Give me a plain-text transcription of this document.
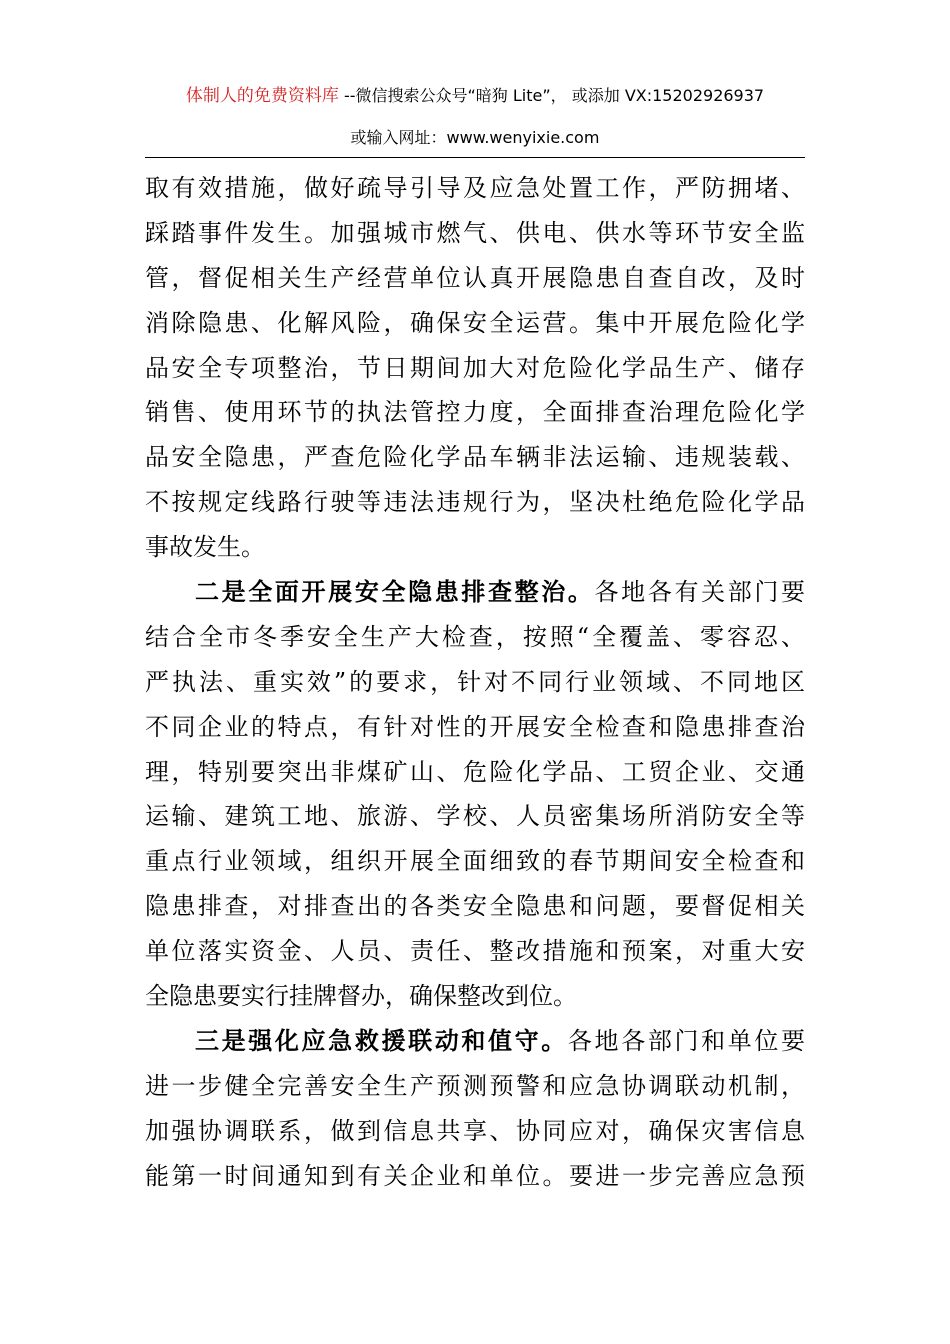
体制人的免费资料库 --微信搜索公众号“暗狗 Lite”， 或添加 VX:15202926937
或输入网址：www.wenyixie.com
取有效措施，做好疏导引导及应急处置工作，严防拥堵、
踩踏事件发生。加强城市燃气、供电、供水等环节安全监
管，督促相关生产经营单位认真开展隐患自查自改，及时
消除隐患、化解风险，确保安全运营。集中开展危险化学
品安全专项整治，节日期间加大对危险化学品生产、储存
销售、使用环节的执法管控力度，全面排查治理危险化学
品安全隐患，严查危险化学品车辆非法运输、违规装载、
不按规定线路行驶等违法违规行为，坚决杜绝危险化学品
事故发生。
二是全面开展安全隐患排查整治。各地各有关部门要
结合全市冬季安全生产大检查，按照“全覆盖、零容忍、
严执法、重实效”的要求，针对不同行业领域、不同地区
不同企业的特点，有针对性的开展安全检查和隐患排查治
理，特别要突出非煤矿山、危险化学品、工贸企业、交通
运输、建筑工地、旅游、学校、人员密集场所消防安全等
重点行业领域，组织开展全面细致的春节期间安全检查和
隐患排查，对排查出的各类安全隐患和问题，要督促相关
单位落实资金、人员、责任、整改措施和预案，对重大安
全隐患要实行挂牌督办，确保整改到位。
三是强化应急救援联动和值守。各地各部门和单位要
进一步健全完善安全生产预测预警和应急协调联动机制，
加强协调联系，做到信息共享、协同应对，确保灾害信息
能第一时间通知到有关企业和单位。要进一步完善应急预
